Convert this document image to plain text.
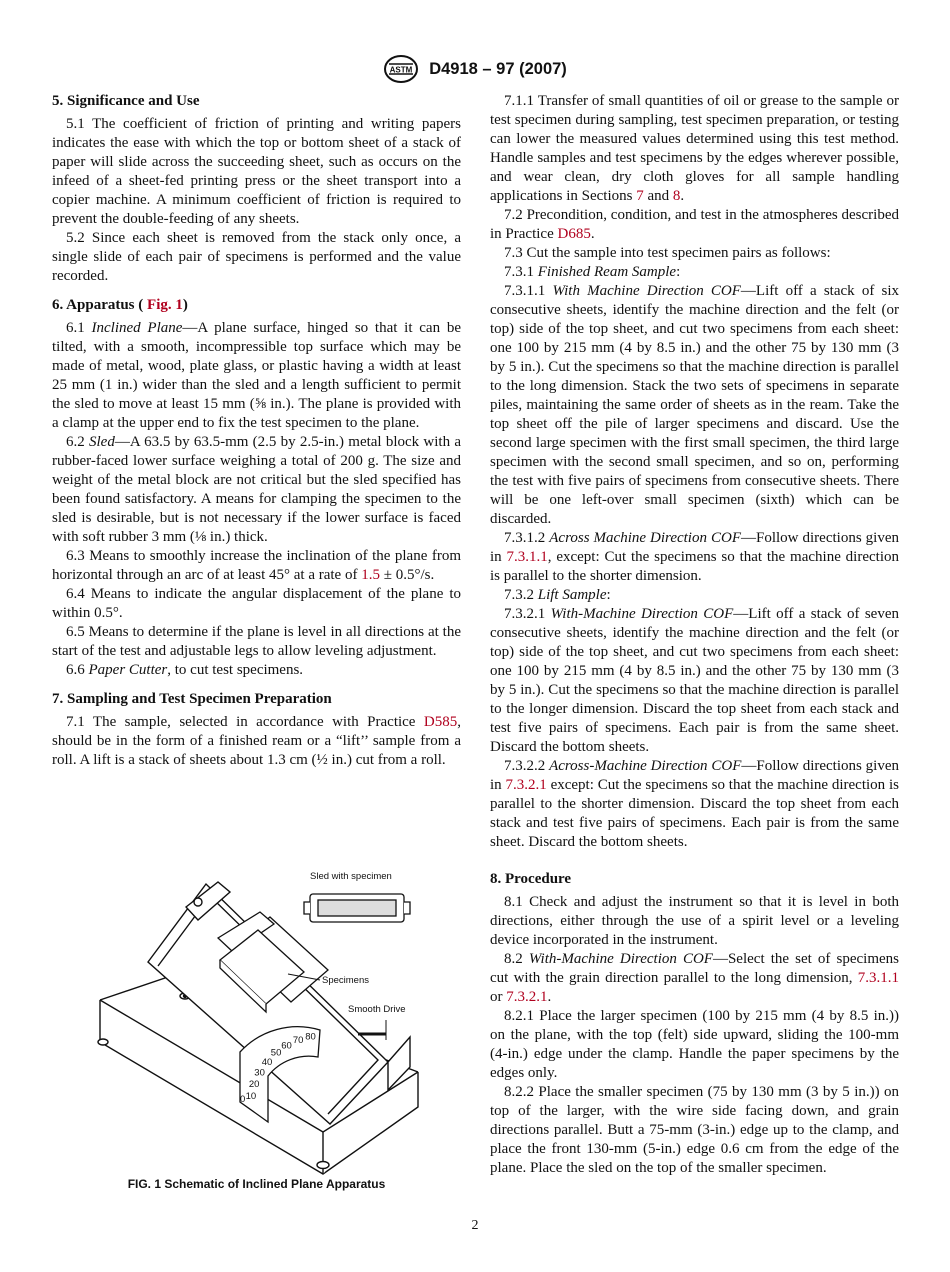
ASTM D4918 – 97 (2007)
5. Significance and Use

5.1 The coefficient of friction of printing and writing papers indicates the ease with which the top or bottom sheet of a stack of paper will slide across the succeeding sheet, such as occurs on the infeed of a sheet-fed printing press or the sheet transport into a copier machine. A minimum coefficient of friction is required to prevent the double-feeding of any sheets.

5.2 Since each sheet is removed from the stack only once, a single slide of each pair of specimens is performed and the value recorded.

6. Apparatus ( Fig. 1)

6.1 Inclined Plane—A plane surface, hinged so that it can be tilted, with a smooth, incompressible top surface which may be made of metal, wood, plate glass, or plastic having a width at least 25 mm (1 in.) wider than the sled and a length sufficient to permit the sled to move at least 15 mm (⅝ in.). The plane is provided with a clamp at the upper end to fix the test specimen to the plane.

6.2 Sled—A 63.5 by 63.5-mm (2.5 by 2.5-in.) metal block with a rubber-faced lower surface weighing a total of 200 g. The size and weight of the metal block are not critical but the sled specified has been found satisfactory. A means for clamping the specimen to the sled is desirable, but is not necessary if the lower surface is faced with soft rubber 3 mm (⅛ in.) thick.

6.3 Means to smoothly increase the inclination of the plane from horizontal through an arc of at least 45° at a rate of 1.5 ± 0.5°/s.

6.4 Means to indicate the angular displacement of the plane to within 0.5°.

6.5 Means to determine if the plane is level in all directions at the start of the test and adjustable legs to allow leveling adjustment.

6.6 Paper Cutter, to cut test specimens.

7. Sampling and Test Specimen Preparation

7.1 The sample, selected in accordance with Practice D585, should be in the form of a finished ream or a “lift’’ sample from a roll. A lift is a stack of sheets about 1.3 cm (½ in.) cut from a roll.

Sled with specimen
Specimens
Smooth Drive
10
20
30
40
50
60 70 80
0
FIG. 1 Schematic of Inclined Plane Apparatus

7.1.1 Transfer of small quantities of oil or grease to the sample or test specimen during sampling, test specimen preparation, or testing can lower the measured values determined using this test method. Handle samples and test specimens by the edges wherever possible, and wear clean, dry cloth gloves for all sample handling applications in Sections 7 and 8.

7.2 Precondition, condition, and test in the atmospheres described in Practice D685.

7.3 Cut the sample into test specimen pairs as follows:

7.3.1 Finished Ream Sample:

7.3.1.1 With Machine Direction COF—Lift off a stack of six consecutive sheets, identify the machine direction and the felt (or top) side of the top sheet, and cut two specimens from each sheet: one 100 by 215 mm (4 by 8.5 in.) and the other 75 by 130 mm (3 by 5 in.). Cut the specimens so that the machine direction is parallel to the long dimension. Stack the two sets of specimens in separate piles, maintaining the same order of sheets as in the ream. Take the top sheet off the pile of larger specimens and discard. Use the second large specimen with the first small specimen, the third large specimen with the second small specimen, and so on, performing the test with five pairs of specimens from consecutive sheets. There will be one left-over small specimen (sixth) which can be discarded.

7.3.1.2 Across Machine Direction COF—Follow directions given in 7.3.1.1, except: Cut the specimens so that the machine direction is parallel to the shorter dimension.

7.3.2 Lift Sample:

7.3.2.1 With-Machine Direction COF—Lift off a stack of seven consecutive sheets, identify the machine direction and the felt (or top) side of the top sheet, and cut two specimens from each sheet: one 100 by 215 mm (4 by 8.5 in.) and the other 75 by 130 mm (3 by 5 in.). Cut the specimens so that the machine direction is parallel to the longer dimension. Discard the top sheet from each stack and test five pairs of specimens. Each pair is from the same sheet. Discard the bottom sheets.

7.3.2.2 Across-Machine Direction COF—Follow directions given in 7.3.2.1 except: Cut the specimens so that the machine direction is parallel to the shorter dimension. Discard the top sheet from each stack and test five pairs of specimens. Each pair is from the same sheet. Discard the bottom sheets.

8. Procedure

8.1 Check and adjust the instrument so that it is level in both directions, either through the use of a spirit level or a leveling device incorporated in the instrument.

8.2 With-Machine Direction COF—Select the set of specimens cut with the grain direction parallel to the long dimension, 7.3.1.1 or 7.3.2.1.

8.2.1 Place the larger specimen (100 by 215 mm (4 by 8.5 in.)) on the plane, with the top (felt) side upward, sliding the 100-mm (4-in.) edge under the clamp. Handle the paper specimens by the edges only.

8.2.2 Place the smaller specimen (75 by 130 mm (3 by 5 in.)) on top of the larger, with the wire side facing down, and grain directions parallel. Butt a 75-mm (3-in.) edge up to the clamp, and place the front 130-mm (5-in.) edge 0.6 cm from the edge of the plane. Place the sled on the top of the smaller specimen.

2
